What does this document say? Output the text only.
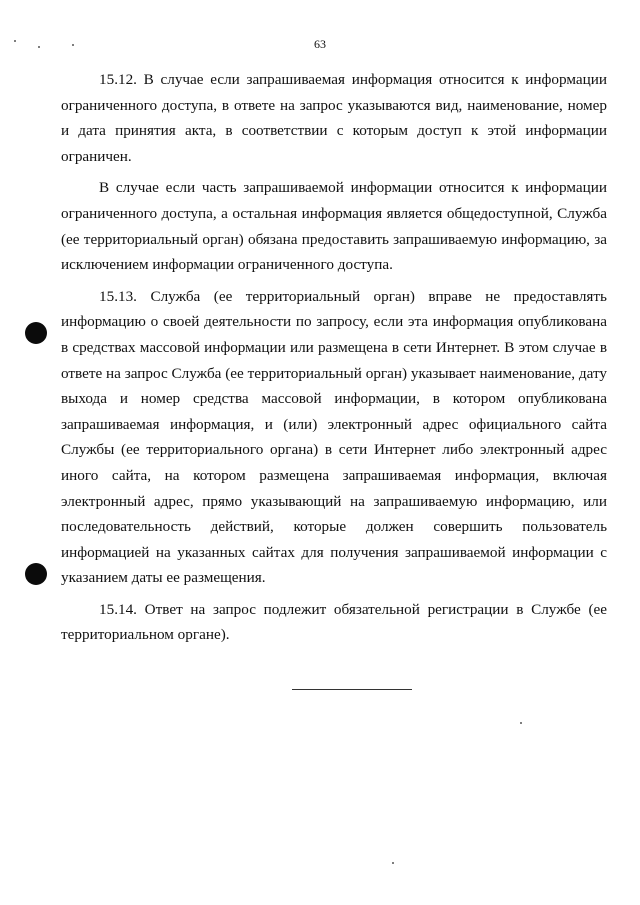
63

15.12. В случае если запрашиваемая информация относится к информации ограниченного доступа, в ответе на запрос указываются вид, наименование, номер и дата принятия акта, в соответствии с которым доступ к этой информации ограничен.

В случае если часть запрашиваемой информации относится к информации ограниченного доступа, а остальная информация является общедоступной, Служба (ее территориальный орган) обязана предоставить запрашиваемую информацию, за исключением информации ограниченного доступа.

15.13. Служба (ее территориальный орган) вправе не предоставлять информацию о своей деятельности по запросу, если эта информация опубликована в средствах массовой информации или размещена в сети Интернет. В этом случае в ответе на запрос Служба (ее территориальный орган) указывает наименование, дату выхода и номер средства массовой информации, в котором опубликована запрашиваемая информация, и (или) электронный адрес официального сайта Службы (ее территориального органа) в сети Интернет либо электронный адрес иного сайта, на котором размещена запрашиваемая информация, включая электронный адрес, прямо указывающий на запрашиваемую информацию, или последовательность действий, которые должен совершить пользователь информацией на указанных сайтах для получения запрашиваемой информации с указанием даты ее размещения.

15.14. Ответ на запрос подлежит обязательной регистрации в Службе (ее территориальном органе).
